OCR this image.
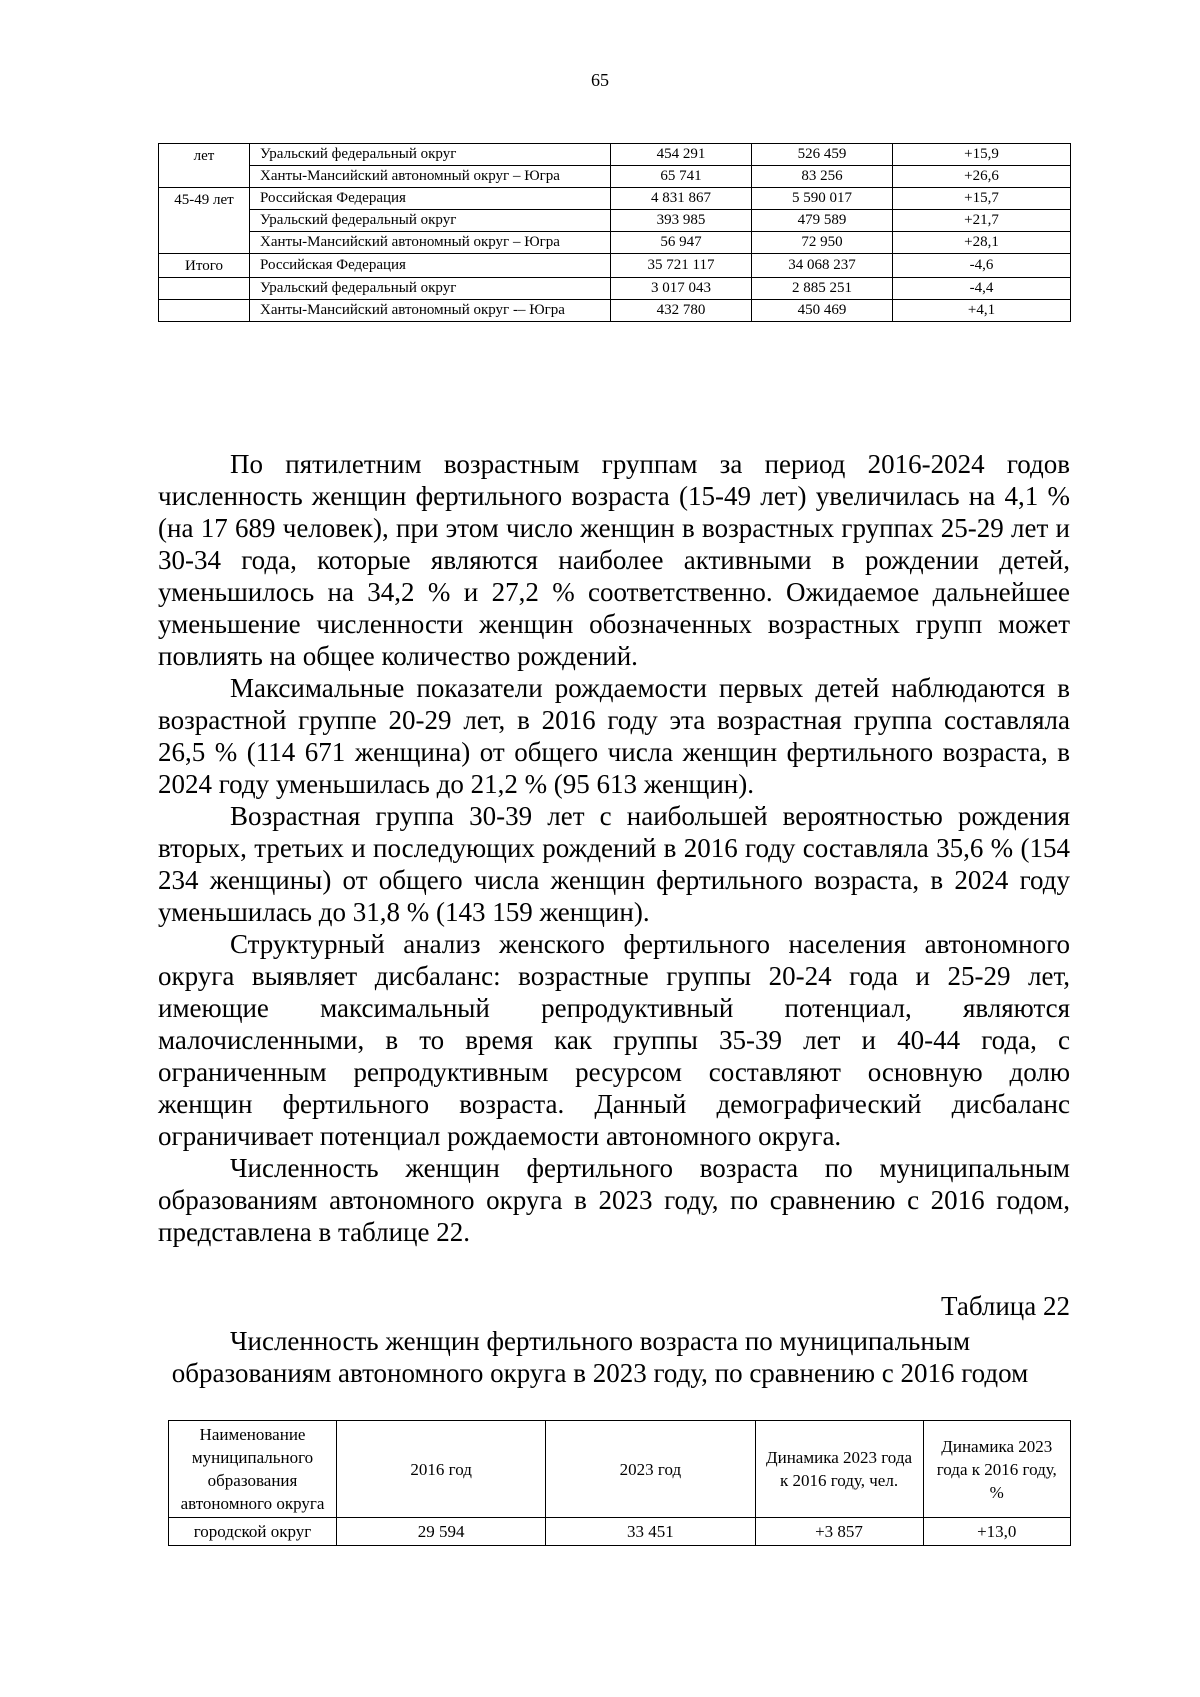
65
лет	Уральский федеральный округ	454 291	526 459	+15,9
	Ханты-Мансийский автономный округ – Югра	65 741	83 256	+26,6
45-49 лет	Российская Федерация	4 831 867	5 590 017	+15,7
	Уральский федеральный округ	393 985	479 589	+21,7
	Ханты-Мансийский автономный округ – Югра	56 947	72 950	+28,1
Итого	Российская Федерация	35 721 117	34 068 237	-4,6
	Уральский федеральный округ	3 017 043	2 885 251	-4,4
	Ханты-Мансийский автономный округ -– Югра	432 780	450 469	+4,1

По пятилетним возрастным группам за период 2016-2024 годов численность женщин фертильного возраста (15-49 лет) увеличилась на 4,1 % (на 17 689 человек), при этом число женщин в возрастных группах 25-29 лет и 30-34 года, которые являются наиболее активными в рождении детей, уменьшилось на 34,2 % и 27,2 % соответственно. Ожидаемое дальнейшее уменьшение численности женщин обозначенных возрастных групп может повлиять на общее количество рождений.

Максимальные показатели рождаемости первых детей наблюдаются в возрастной группе 20-29 лет, в 2016 году эта возрастная группа составляла 26,5 % (114 671 женщина) от общего числа женщин фертильного возраста, в 2024 году уменьшилась до 21,2 % (95 613 женщин).

Возрастная группа 30-39 лет с наибольшей вероятностью рождения вторых, третьих и последующих рождений в 2016 году составляла 35,6 % (154 234 женщины) от общего числа женщин фертильного возраста, в 2024 году уменьшилась до 31,8 % (143 159 женщин).

Структурный анализ женского фертильного населения автономного округа выявляет дисбаланс: возрастные группы 20-24 года и 25-29 лет, имеющие максимальный репродуктивный потенциал, являются малочисленными, в то время как группы 35-39 лет и 40-44 года, с ограниченным репродуктивным ресурсом составляют основную долю женщин фертильного возраста. Данный демографический дисбаланс ограничивает потенциал рождаемости автономного округа.

Численность женщин фертильного возраста по муниципальным образованиям автономного округа в 2023 году, по сравнению с 2016 годом, представлена в таблице 22.

Таблица 22
Численность женщин фертильного возраста по муниципальным
образованиям автономного округа в 2023 году, по сравнению с 2016 годом
Наименование муниципального образования автономного округа	2016 год	2023 год	Динамика 2023 года к 2016 году, чел.	Динамика 2023 года к 2016 году, %
городской округ	29 594	33 451	+3 857	+13,0
